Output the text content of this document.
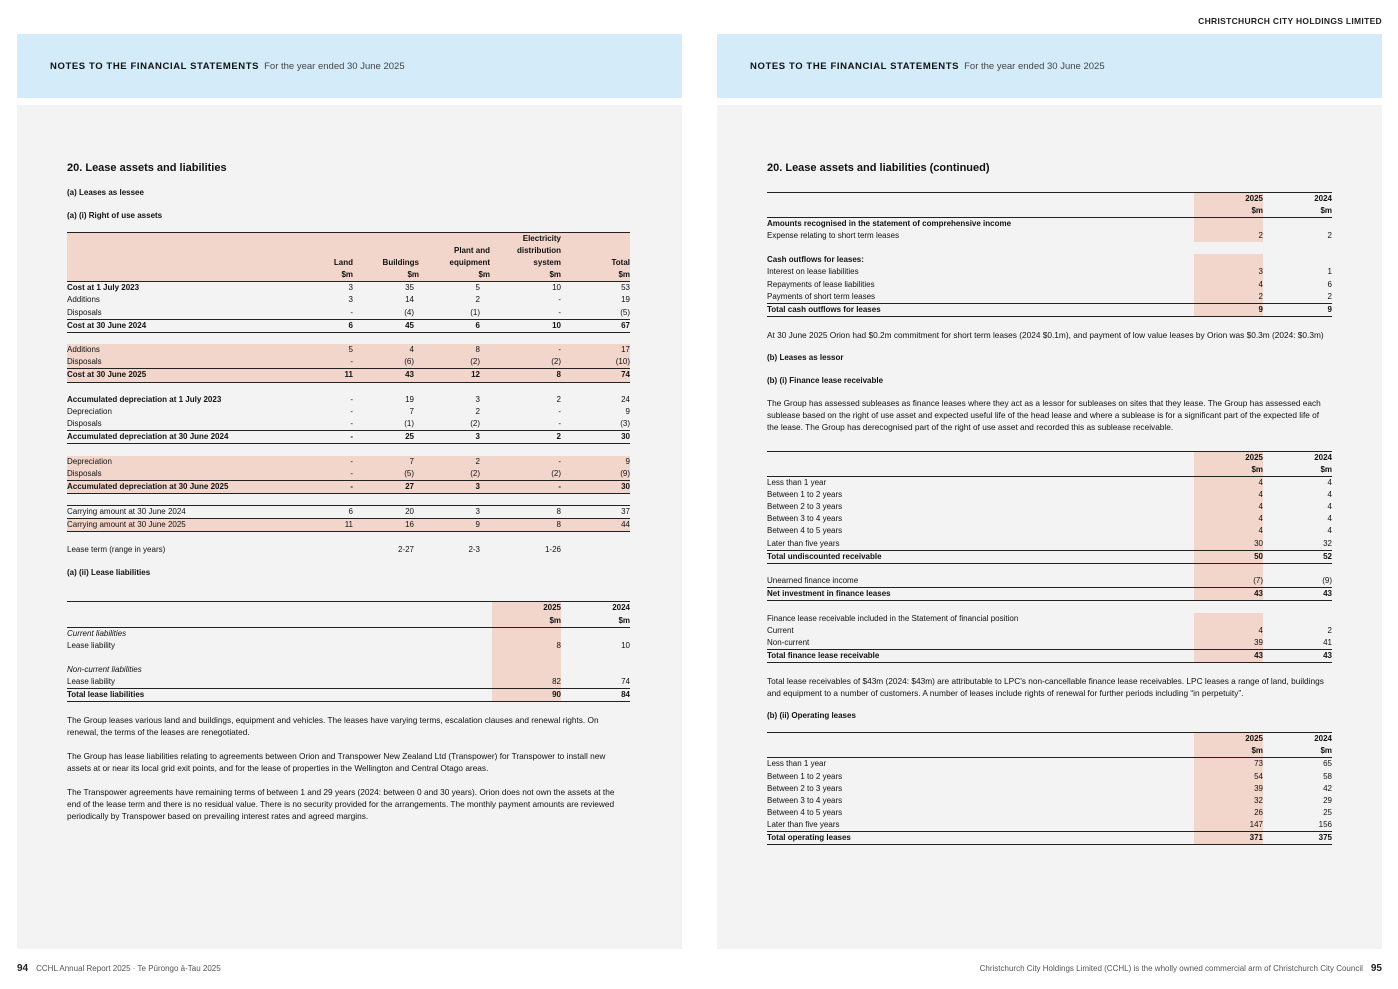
CHRISTCHURCH CITY HOLDINGS LIMITED
NOTES TO THE FINANCIAL STATEMENTS For the year ended 30 June 2025
20. Lease assets and liabilities
(a) Leases as lessee
(a) (i) Right of use assets
				Electricity	
			Plant and	distribution	
	Land	Buildings	equipment	system	Total
	$m	$m	$m	$m	$m
Cost at 1 July 2023	3	35	5	10	53
Additions	3	14	2	-	19
Disposals	-	(4)	(1)	-	(5)
Cost at 30 June 2024	6	45	6	10	67

Additions	5	4	8	-	17
Disposals	-	(6)	(2)	(2)	(10)
Cost at 30 June 2025	11	43	12	8	74

Accumulated depreciation at 1 July 2023	-	19	3	2	24
Depreciation	-	7	2	-	9
Disposals	-	(1)	(2)	-	(3)
Accumulated depreciation at 30 June 2024	-	25	3	2	30

Depreciation	-	7	2	-	9
Disposals	-	(5)	(2)	(2)	(9)
Accumulated depreciation at 30 June 2025	-	27	3	-	30

Carrying amount at 30 June 2024	6	20	3	8	37
Carrying amount at 30 June 2025	11	16	9	8	44
Lease term (range in years)		2-27	2-3	1-26	
(a) (ii) Lease liabilities
	2025	2024
	$m	$m
Current liabilities		
Lease liability	8	10

Non-current liabilities		
Lease liability	82	74
Total lease liabilities	90	84

The Group leases various land and buildings, equipment and vehicles. The leases have varying terms, escalation clauses and renewal rights. On renewal, the terms of the leases are renegotiated.

The Group has lease liabilities relating to agreements between Orion and Transpower New Zealand Ltd (Transpower) for Transpower to install new assets at or near its local grid exit points, and for the lease of properties in the Wellington and Central Otago areas.

The Transpower agreements have remaining terms of between 1 and 29 years (2024: between 0 and 30 years). Orion does not own the assets at the end of the lease term and there is no residual value. There is no security provided for the arrangements. The monthly payment amounts are reviewed periodically by Transpower based on prevailing interest rates and agreed margins.

NOTES TO THE FINANCIAL STATEMENTS For the year ended 30 June 2025
20. Lease assets and liabilities (continued)
	2025	2024
	$m	$m
Amounts recognised in the statement of comprehensive income		
Expense relating to short term leases	2	2

Cash outflows for leases:		
Interest on lease liabilities	3	1
Repayments of lease liabilities	4	6
Payments of short term leases	2	2
Total cash outflows for leases	9	9

At 30 June 2025 Orion had $0.2m commitment for short term leases (2024 $0.1m), and payment of low value leases by Orion was $0.3m (2024: $0.3m)

(b) Leases as lessor
(b) (i) Finance lease receivable

The Group has assessed subleases as finance leases where they act as a lessor for subleases on sites that they lease. The Group has assessed each sublease based on the right of use asset and expected useful life of the head lease and where a sublease is for a significant part of the expected life of the lease. The Group has derecognised part of the right of use asset and recorded this as sublease receivable.

	2025	2024
	$m	$m
Less than 1 year	4	4
Between 1 to 2 years	4	4
Between 2 to 3 years	4	4
Between 3 to 4 years	4	4
Between 4 to 5 years	4	4
Later than five years	30	32
Total undiscounted receivable	50	52

Unearned finance income	(7)	(9)
Net investment in finance leases	43	43

Finance lease receivable included in the Statement of financial position		
Current	4	2
Non-current	39	41
Total finance lease receivable	43	43

Total lease receivables of $43m (2024: $43m) are attributable to LPC's non-cancellable finance lease receivables. LPC leases a range of land, buildings and equipment to a number of customers. A number of leases include rights of renewal for further periods including “in perpetuity”.

(b) (ii) Operating leases
	2025	2024
	$m	$m
Less than 1 year	73	65
Between 1 to 2 years	54	58
Between 2 to 3 years	39	42
Between 3 to 4 years	32	29
Between 4 to 5 years	26	25
Later than five years	147	156
Total operating leases	371	375
94 CCHL Annual Report 2025 · Te Pūrongo ā-Tau 2025	Christchurch City Holdings Limited (CCHL) is the wholly owned commercial arm of Christchurch City Council 95
